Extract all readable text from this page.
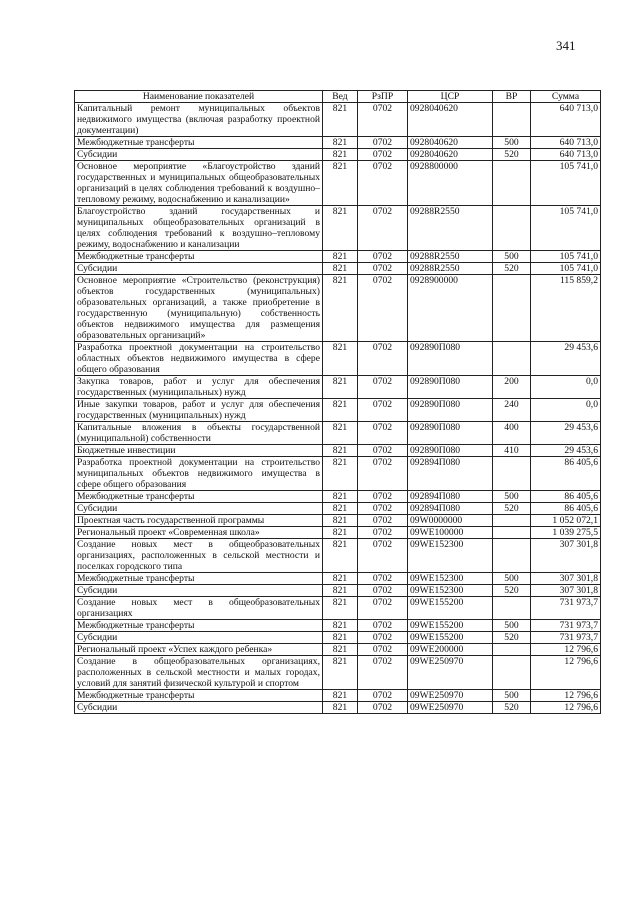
341
Наименование показателей	Вед	РзПР	ЦСР	ВР	Сумма
Капитальный ремонт муниципальных объектов недвижимого имущества (включая разработку проектной документации)	821	0702	0928040620		640 713,0
Межбюджетные трансферты	821	0702	0928040620	500	640 713,0
Субсидии	821	0702	0928040620	520	640 713,0
Основное мероприятие «Благоустройство зданий государственных и муниципальных общеобразовательных организаций в целях соблюдения требований к воздушно–тепловому режиму, водоснабжению и канализации»	821	0702	0928800000		105 741,0
Благоустройство зданий государственных и муниципальных общеобразовательных организаций в целях соблюдения требований к воздушно–тепловому режиму, водоснабжению и канализации	821	0702	09288R2550		105 741,0
Межбюджетные трансферты	821	0702	09288R2550	500	105 741,0
Субсидии	821	0702	09288R2550	520	105 741,0
Основное мероприятие «Строительство (реконструкция) объектов государственных (муниципальных) образовательных организаций, а также приобретение в государственную (муниципальную) собственность объектов недвижимого имущества для размещения образовательных организаций»	821	0702	0928900000		115 859,2
Разработка проектной документации на строительство областных объектов недвижимого имущества в сфере общего образования	821	0702	092890П080		29 453,6
Закупка товаров, работ и услуг для обеспечения государственных (муниципальных) нужд	821	0702	092890П080	200	0,0
Иные закупки товаров, работ и услуг для обеспечения государственных (муниципальных) нужд	821	0702	092890П080	240	0,0
Капитальные вложения в объекты государственной (муниципальной) собственности	821	0702	092890П080	400	29 453,6
Бюджетные инвестиции	821	0702	092890П080	410	29 453,6
Разработка проектной документации на строительство муниципальных объектов недвижимого имущества в сфере общего образования	821	0702	092894П080		86 405,6
Межбюджетные трансферты	821	0702	092894П080	500	86 405,6
Субсидии	821	0702	092894П080	520	86 405,6
Проектная часть государственной программы	821	0702	09W0000000		1 052 072,1
Региональный проект «Современная школа»	821	0702	09WE100000		1 039 275,5
Создание новых мест в общеобразовательных организациях, расположенных в сельской местности и поселках городского типа	821	0702	09WE152300		307 301,8
Межбюджетные трансферты	821	0702	09WE152300	500	307 301,8
Субсидии	821	0702	09WE152300	520	307 301,8
Создание новых мест в общеобразовательных организациях	821	0702	09WE155200		731 973,7
Межбюджетные трансферты	821	0702	09WE155200	500	731 973,7
Субсидии	821	0702	09WE155200	520	731 973,7
Региональный проект «Успех каждого ребенка»	821	0702	09WE200000		12 796,6
Создание в общеобразовательных организациях, расположенных в сельской местности и малых городах, условий для занятий физической культурой и спортом	821	0702	09WE250970		12 796,6
Межбюджетные трансферты	821	0702	09WE250970	500	12 796,6
Субсидии	821	0702	09WE250970	520	12 796,6
